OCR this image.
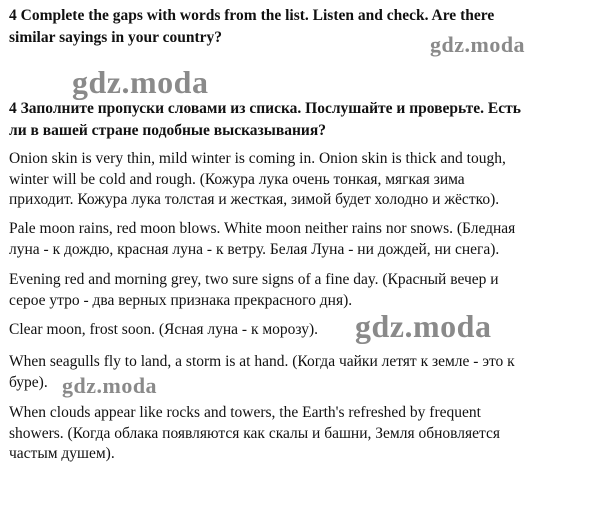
4 Complete the gaps with words from the list. Listen and check. Are there
similar sayings in your country?	gdz.moda
gdz.moda

4 Заполните пропуски словами из списка. Послушайте и проверьте. Есть
ли в вашей стране подобные высказывания?

Onion skin is very thin, mild winter is coming in. Onion skin is thick and tough,
winter will be cold and rough. (Кожура лука очень тонкая, мягкая зима
приходит. Кожура лука толстая и жесткая, зимой будет холодно и жёстко).

Pale moon rains, red moon blows. White moon neither rains nor snows. (Бледная
луна - к дождю, красная луна - к ветру. Белая Луна - ни дождей, ни снега).

Evening red and morning grey, two sure signs of a fine day. (Красный вечер и
серое утро - два верных признака прекрасного дня).

Clear moon, frost soon. (Ясная луна - к морозу).	gdz.moda

When seagulls fly to land, a storm is at hand. (Когда чайки летят к земле - это к
буре). gdz.moda

When clouds appear like rocks and towers, the Earth's refreshed by frequent
showers. (Когда облака появляются как скалы и башни, Земля обновляется
частым душем).
